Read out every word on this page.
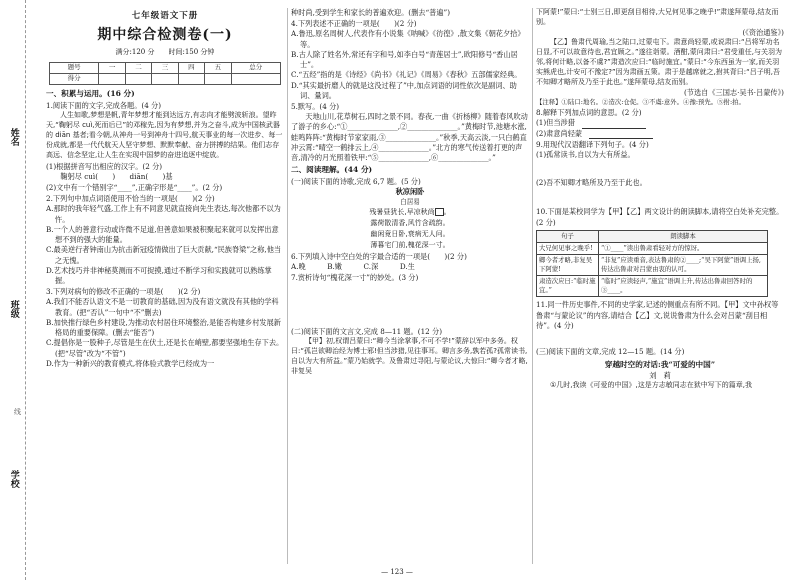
姓名
班级
学校
线
七年级语文下册
期中综合检测卷(一)
满分:120 分　　时间:150 分钟
题号	一	二	三	四	五	总分
得分						
一、积累与运用。(16 分)

1.阅读下面的文字,完成各题。(4 分)

人生如歌,梦想是帆,青年梦想才能到达远方,有志向才能劈波斩浪。望昨天,“鞠躬尽 cuì,死而后已”的邓稼先,因为有梦想,并为之奋斗,成为中国核武器的 diān 基者;看今朝,从神舟一号到神舟十四号,航天事业的每一次进步、每一份成就,都是一代代航天人坚守梦想、默默奉献、奋力拼搏的结果。他们志存高远、信念坚定,让人生在实现中国梦的奋进追逐中绽放。

(1)根据拼音写出相应的汉字。(2 分)

鞠躬尽 cuì(　　)　　diān(　　)基

(2)文中有一个错别字“____”,正确字形是“____”。(2 分)

2.下列句中加点词语使用不恰当的一项是(　　)(2 分)

A.那时的我年轻气盛,工作上有不同意见就直接向先生表达,每次他都不以为忤。

B.一个人的善意行动或许微不足道,但善意如果被积聚起来就可以发挥出意想不到的强大的能量。

C.最美逆行者钟南山为抗击新冠疫情做出了巨大贡献,“民族脊梁”之称,他当之无愧。

D.艺术技巧并非神秘莫测而不可捉摸,通过不断学习和实践就可以熟练掌握。

3.下列对病句的修改不正确的一项是(　　)(2 分)

A.我们不能否认语文不是一切教育的基础,因为没有语文就没有其他的学科教育。(把“否认”一句中“不”删去)

B.加快推行绿色乡村建设,为推动农村居住环境整治,是能否构建乡村发展新格局的重要保障。(删去“能否”)

C.提倡你是一股种子,尽管是生在伏土,还是长在峭壁,都要坚强地生存下去。(把“尽管”改为“不管”)

D.作为一种新兴的教育模式,将体验式教学已经成为一

种时尚,受到学生和家长的普遍欢迎。(删去“普遍”)

4.下列表述不正确的一项是(　　)(2 分)

A.鲁迅,原名周树人,代表作有小说集《呐喊》《彷徨》,散文集《朝花夕拾》等。

B.古人除了姓名外,常还有字和号,如李白号“青莲居士”,欧阳修号“香山居士”。

C.“五经”指的是《诗经》《尚书》《礼记》《周易》《春秋》五部儒家经典。

D.“其实最折磨人的就是这没过程了”中,加点词语的词性依次是副词、助词、量词。

5.默写。(4 分)

天地山川,花草树石,四时之景不同。春夜,一曲《折杨柳》随着春风吹动了游子的乡心:“①______________,②______________。”黄梅时节,池塘水涨,蛙鸣阵阵:“黄梅时节家家雨,③______________。”秋季,天高云淡,一只白鹤直冲云霄:“晴空一鹤排云上,④______________。”北方的寒气传送着打更的声音,清冷的月光照着铁甲:“⑤______________,⑥______________。”

二、阅读理解。(44 分)

(一)阅读下面的诗歌,完成 6,7 题。(5 分)

秋凉闲卧
白居易
残暑昼犹长,早凉秋尚 。
露荷散清香,风竹含疏韵。
幽闲竟日卧,衰病无人问。
薄暮宅门前,槐花深一寸。

6.下列填入诗中空白处的字最合适的一项是(　　)(2 分)

A.晚　　　B.嫩　　　C.深　　　D.生

7.赏析诗句“槐花深一寸”的妙处。(3 分)

(二)阅读下面的文言文,完成 8—11 题。(12 分)

【甲】初,权谓吕蒙曰:“卿今当涂掌事,不可不学!”蒙辞以军中多务。权曰:“孤岂欲卿治经为博士邪!但当涉猎,见往事耳。卿言多务,孰若孤?孤常读书,自以为大有所益。”蒙乃始就学。及鲁肃过寻阳,与蒙论议,大惊曰:“卿今者才略,非复吴

下阿蒙!”蒙曰:“士别三日,即更刮目相待,大兄何见事之晚乎!”肃遂拜蒙母,结友而别。

(《资治通鉴》)

【乙】鲁肃代周瑜,当之陆口,过蒙屯下。肃意尚轻蒙,或说肃曰:“吕将军功名日显,不可以故意待也,君宜顾之。”遂往诣蒙。酒酣,蒙问肃曰:“君受重任,与关羽为邻,将何计略,以备不虞?”肃造次应曰:“临时施宜。”蒙曰:“今东西虽为一家,而关羽实熊虎也,计安可不豫定?”因为肃画五策。肃于是越席就之,拊其背曰:“吕子明,吾不知卿才略所及乃至于此也。”遂拜蒙母,结友而别。

(节选自《三国志·吴书·吕蒙传》)

【注释】①陆口:地名。②造次:仓促。③不虞:意外。④豫:预先。⑤拊:拍。

8.解释下列加点词的意思。(2 分)

(1)但当涉猎　

(2)肃意尚轻蒙　

9.用现代汉语翻译下列句子。(4 分)

(1)孤常读书,自以为大有所益。

(2)吾不知卿才略所及乃至于此也。

10.下面是某校同学为【甲】【乙】两文设计的朗读脚本,请将空白处补充完整。(2 分)

句子	朗读脚本
大兄何见事之晚乎!	“①____”读出鲁肃看轻对方的惊讶。
卿今者才略,非复吴下阿蒙!	“非复”应读重音,表达鲁肃的②____;“吴下阿蒙”语调上扬,传达出鲁肃对吕蒙由衷的认可。
肃造次应曰:“临时施宜。”	“临时”应读轻声,“施宜”语调上升,传达出鲁肃回答时的③____。

11.同一件历史事件,不同的史学家,记述的侧重点有所不同。【甲】文中孙权等鲁肃“与蒙论议”的内容,请结合【乙】文,说说鲁肃为什么会对吕蒙“刮目相待”。(4 分)

(三)阅读下面的文章,完成 12—15 题。(14 分)

穿越时空的对话:我“可爱的中国”
刘　莉

①几时,我读《可爱的中国》,这是方志敏同志在狱中写下的篇章,我

— 123 —
